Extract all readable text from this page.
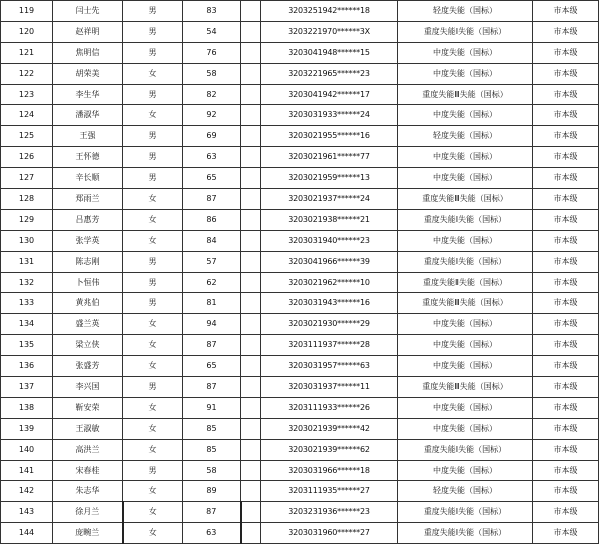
119	闫士先	男	83		3203251942******18	轻度失能（国标）	市本级
120	赵祥明	男	54		3203221970******3X	重度失能Ⅰ失能（国标）	市本级
121	焦明信	男	76		3203041948******15	中度失能（国标）	市本级
122	胡荣美	女	58		3203221965******23	中度失能（国标）	市本级
123	李生华	男	82		3203041942******17	重度失能Ⅲ失能（国标）	市本级
124	潘淑华	女	92		3203031933******24	中度失能（国标）	市本级
125	王强	男	69		3203021955******16	轻度失能（国标）	市本级
126	王怀德	男	63		3203021961******77	中度失能（国标）	市本级
127	辛长顺	男	65		3203021959******13	中度失能（国标）	市本级
128	郑雨兰	女	87		3203021937******24	重度失能Ⅲ失能（国标）	市本级
129	吕惠芳	女	86		3203021938******21	重度失能Ⅰ失能（国标）	市本级
130	张学英	女	84		3203031940******23	中度失能（国标）	市本级
131	陈志刚	男	57		3203041966******39	重度失能Ⅰ失能（国标）	市本级
132	卜恒伟	男	62		3203021962******10	重度失能Ⅱ失能（国标）	市本级
133	黄兆伯	男	81		3203031943******16	重度失能Ⅲ失能（国标）	市本级
134	盛兰英	女	94		3203021930******29	中度失能（国标）	市本级
135	梁立侠	女	87		3203111937******28	中度失能（国标）	市本级
136	张盛芳	女	65		3203031957******63	中度失能（国标）	市本级
137	李兴国	男	87		3203031937******11	重度失能Ⅲ失能（国标）	市本级
138	靳安荣	女	91		3203111933******26	中度失能（国标）	市本级
139	王淑敏	女	85		3203021939******42	中度失能（国标）	市本级
140	高洪兰	女	85		3203021939******62	重度失能Ⅰ失能（国标）	市本级
141	宋春桂	男	58		3203031966******18	中度失能（国标）	市本级
142	朱志华	女	89		3203111935******27	轻度失能（国标）	市本级
143	徐月兰	女	87		3203231936******23	重度失能Ⅰ失能（国标）	市本级
144	庞畹兰	女	63		3203031960******27	重度失能Ⅰ失能（国标）	市本级
